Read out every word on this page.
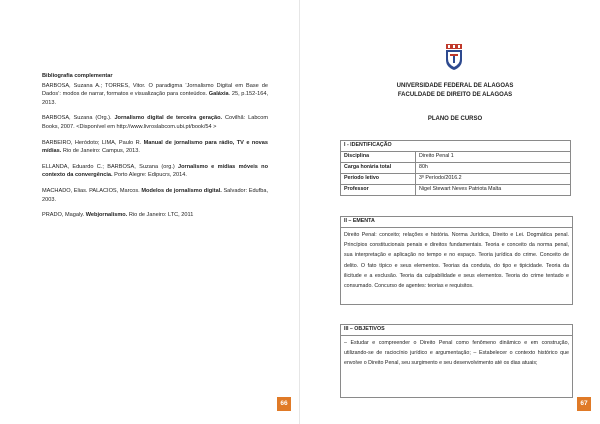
Bibliografia complementar
BARBOSA, Suzana A.; TORRES, Vitor. O paradigma ‘Jornalismo Digital em Base de Dados’: modos de narrar, formatos e visualização para conteúdos. Galáxia. 25, p.152-164, 2013.
BARBOSA, Suzana (Org.). Jornalismo digital de terceira geração. Covilhã: Labcom Books, 2007. <Disponível em http://www.livroslabcom.ubi.pt/book/54 >
BARBEIRO, Heródoto; LIMA, Paulo R. Manual de jornalismo para rádio, TV e novas mídias. Rio de Janeiro: Campus, 2013.
ELLANDA, Eduardo C.; BARBOSA, Suzana (org.) Jornalismo e mídias móveis no contexto da convergência. Porto Alegre: Edipucrs, 2014.
MACHADO, Elias. PALACIOS, Marcos. Modelos de jornalismo digital. Salvador: Edufba, 2003.
PRADO, Magaly. Webjornalismo. Rio de Janeiro: LTC, 2011
66
UNIVERSIDADE FEDERAL DE ALAGOAS
FACULDADE DE DIREITO DE ALAGOAS
PLANO DE CURSO
I - IDENTIFICAÇÃO	
Disciplina	Direito Penal 1
Carga horária total	80h
Período letivo	3º Período/2016.2
Professor	Nigel Stewart Neves Patriota Malta
II – EMENTA
Direito Penal: conceito; relações e história. Norma Jurídica, Direito e Lei. Dogmática penal. Princípios constitucionais penais e direitos fundamentais. Teoria e conceito da norma penal, sua interpretação e aplicação no tempo e no espaço. Teoria jurídica do crime. Conceito de delito. O fato típico e seus elementos. Teorias da conduta, do tipo e tipicidade. Teoria da ilicitude e a exclusão. Teoria da culpabilidade e seus elementos. Teoria do crime tentado e consumado. Concurso de agentes: teorias e requisitos.
III – OBJETIVOS
– Estudar e compreender o Direito Penal como fenômeno dinâmico e em construção, utilizando-se de raciocínio jurídico e argumentação; – Estabelecer o contexto histórico que envolve o Direito Penal, seu surgimento e seu desenvolvimento até os dias atuais;
67
